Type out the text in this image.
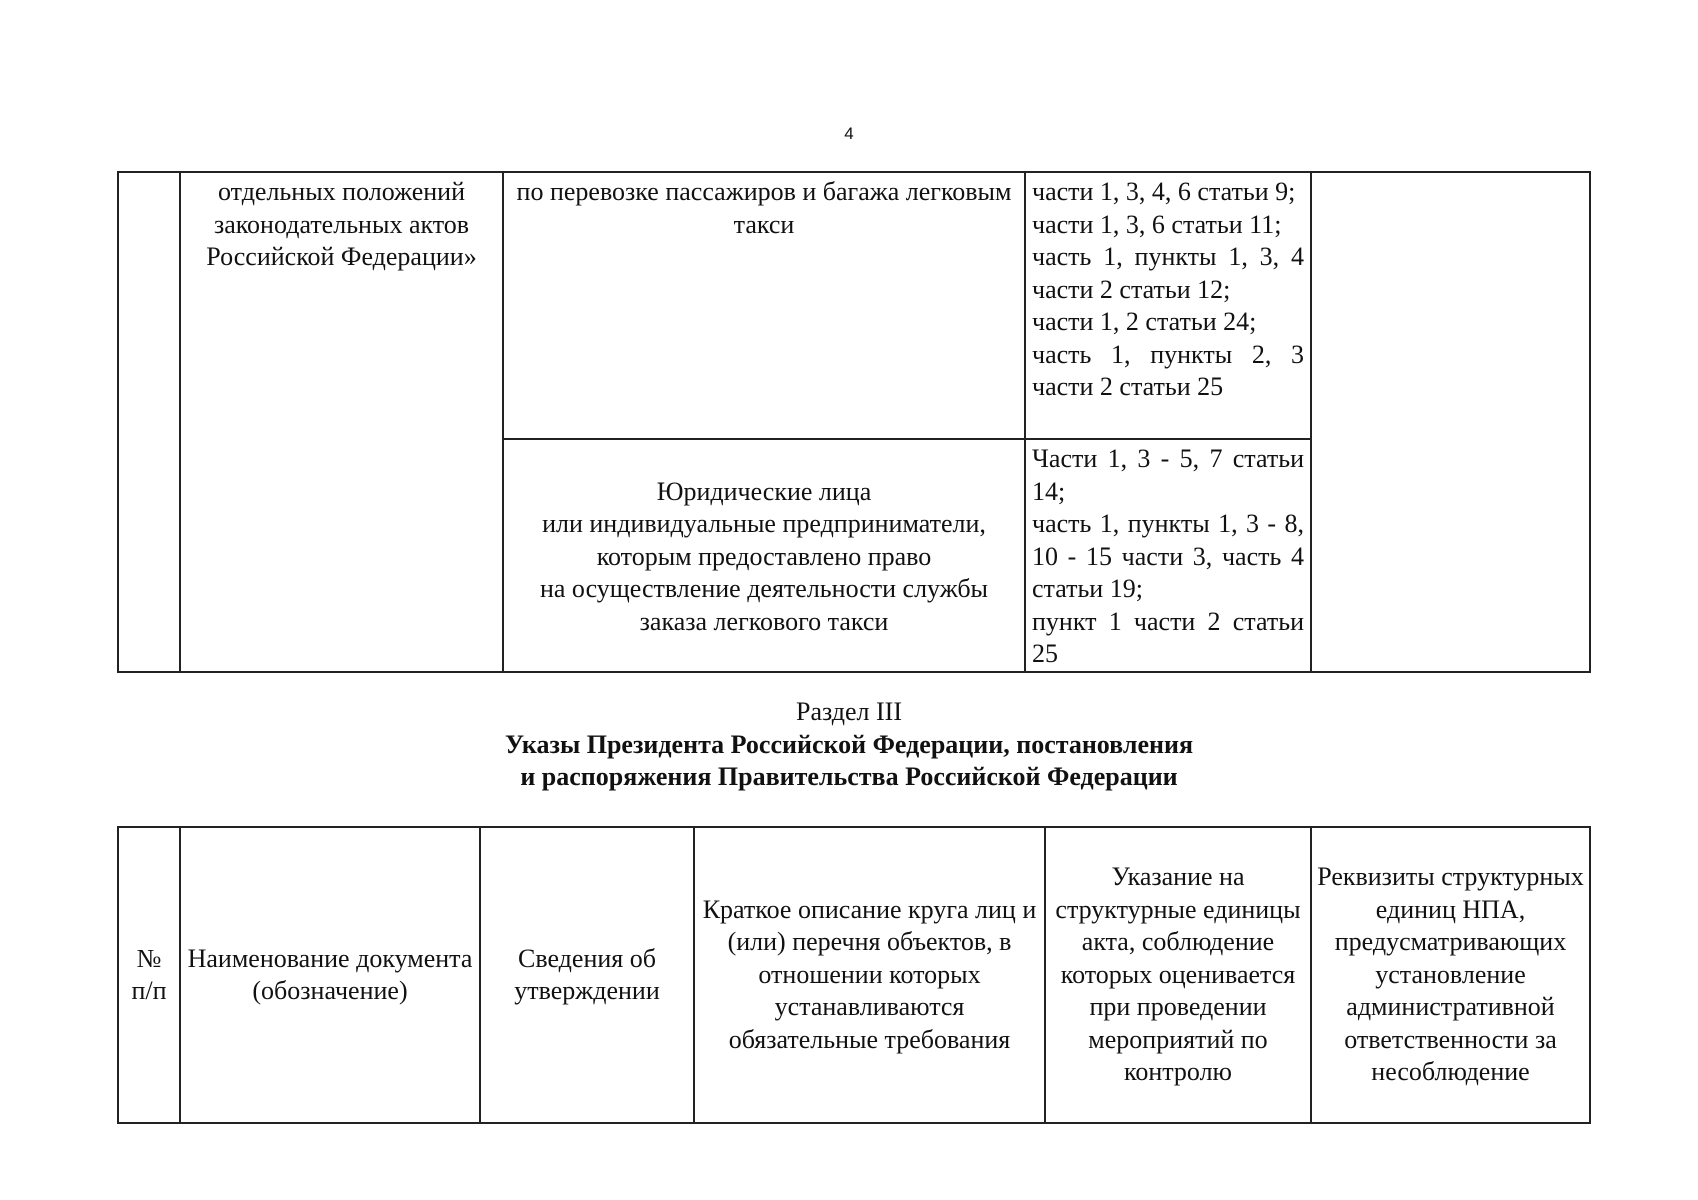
4
	отдельных положений законодательных актов Российской Федерации»	по перевозке пассажиров и багажа легковым такси	части 1, 3, 4, 6 статьи 9;
части 1, 3, 6 статьи 11;
часть 1, пункты 1, 3, 4 части 2 статьи 12;
части 1, 2 статьи 24;
часть 1, пункты 2, 3 части 2 статьи 25	

		Юридические лица
или индивидуальные предприниматели,
которым предоставлено право
на осуществление деятельности службы
заказа легкового такси	Части 1, 3 - 5, 7 статьи 14;
часть 1, пункты 1, 3 - 8, 10 - 15 части 3, часть 4 статьи 19;
пункт 1 части 2 статьи 25	
Раздел III
Указы Президента Российской Федерации, постановления
и распоряжения Правительства Российской Федерации
№ п/п	Наименование документа (обозначение)	Сведения об утверждении	Краткое описание круга лиц и (или) перечня объектов, в отношении которых устанавливаются обязательные требования	Указание на структурные единицы акта, соблюдение которых оценивается при проведении мероприятий по контролю	Реквизиты структурных единиц НПА, предусматривающих установление административной ответственности за несоблюдение
